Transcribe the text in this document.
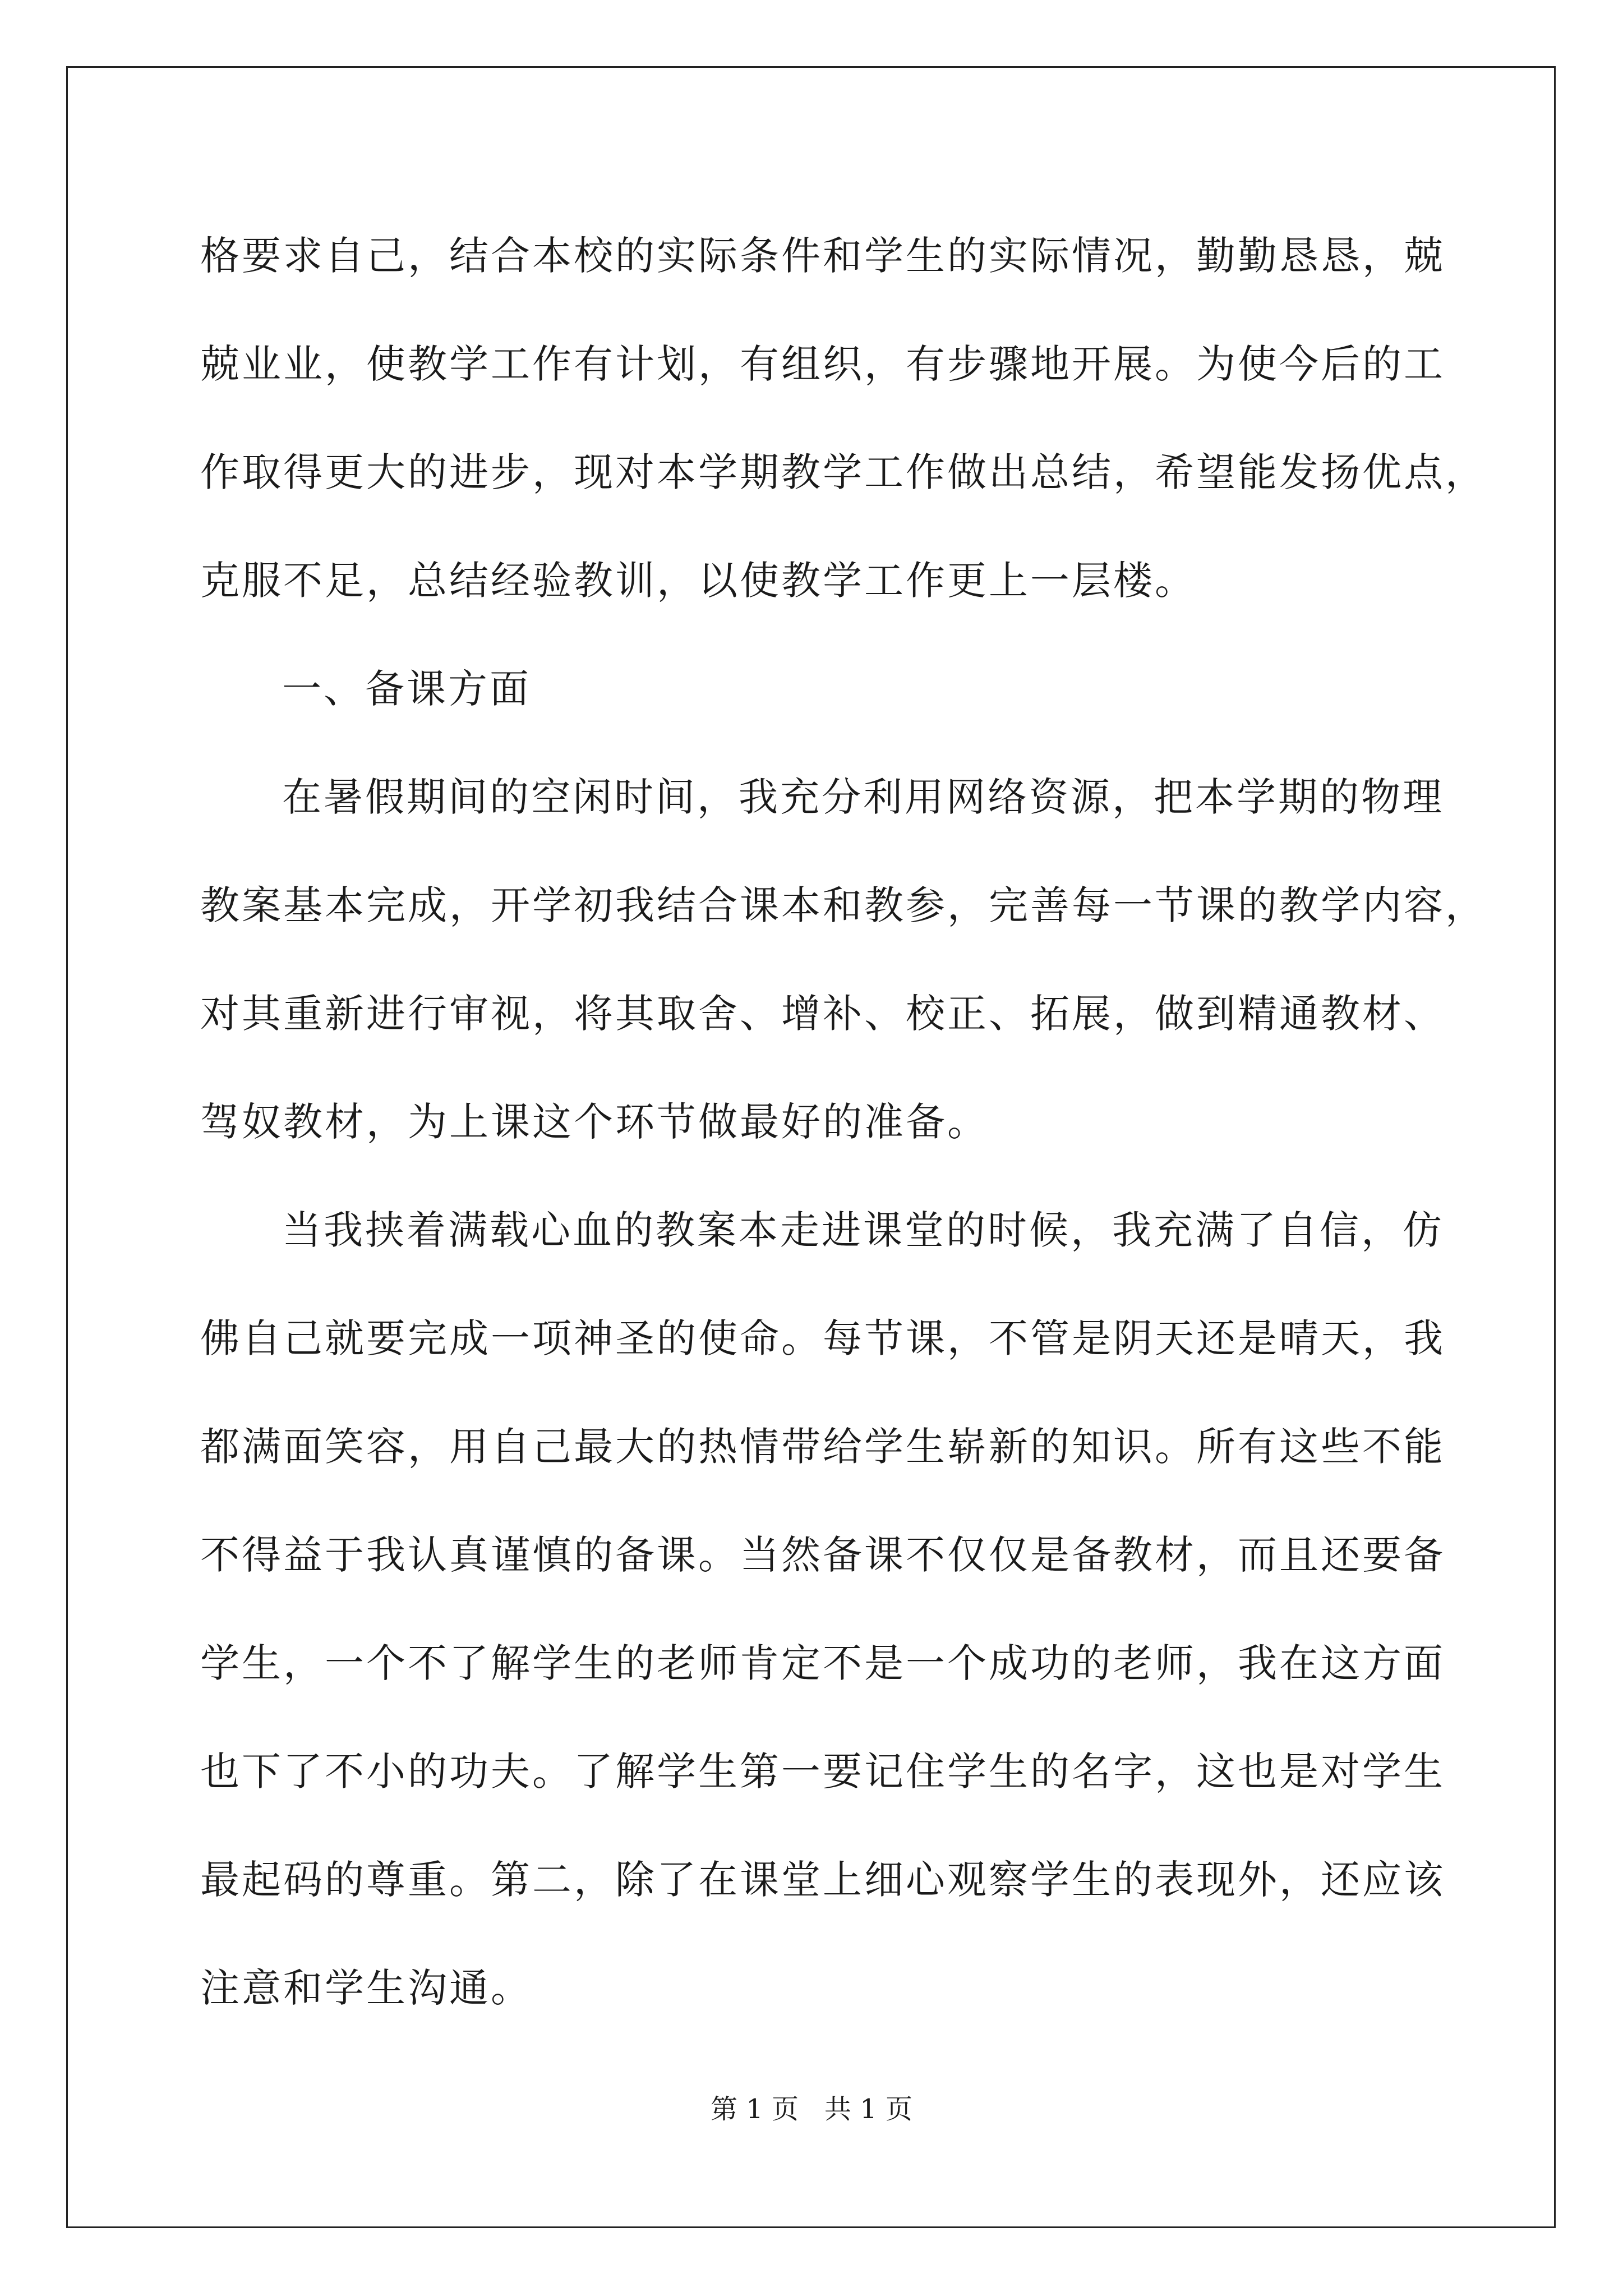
格要求自己，结合本校的实际条件和学生的实际情况，勤勤恳恳，兢
兢业业，使教学工作有计划，有组织，有步骤地开展。为使今后的工
作取得更大的进步，现对本学期教学工作做出总结，希望能发扬优点，
克服不足，总结经验教训，以使教学工作更上一层楼。
一、备课方面
在暑假期间的空闲时间，我充分利用网络资源，把本学期的物理
教案基本完成，开学初我结合课本和教参，完善每一节课的教学内容，
对其重新进行审视，将其取舍、增补、校正、拓展，做到精通教材、
驾奴教材，为上课这个环节做最好的准备。
当我挟着满载心血的教案本走进课堂的时候，我充满了自信，仿
佛自己就要完成一项神圣的使命。每节课，不管是阴天还是晴天，我
都满面笑容，用自己最大的热情带给学生崭新的知识。所有这些不能
不得益于我认真谨慎的备课。当然备课不仅仅是备教材，而且还要备
学生，一个不了解学生的老师肯定不是一个成功的老师，我在这方面
也下了不小的功夫。了解学生第一要记住学生的名字，这也是对学生
最起码的尊重。第二，除了在课堂上细心观察学生的表现外，还应该
注意和学生沟通。
第 1 页 共 1 页
